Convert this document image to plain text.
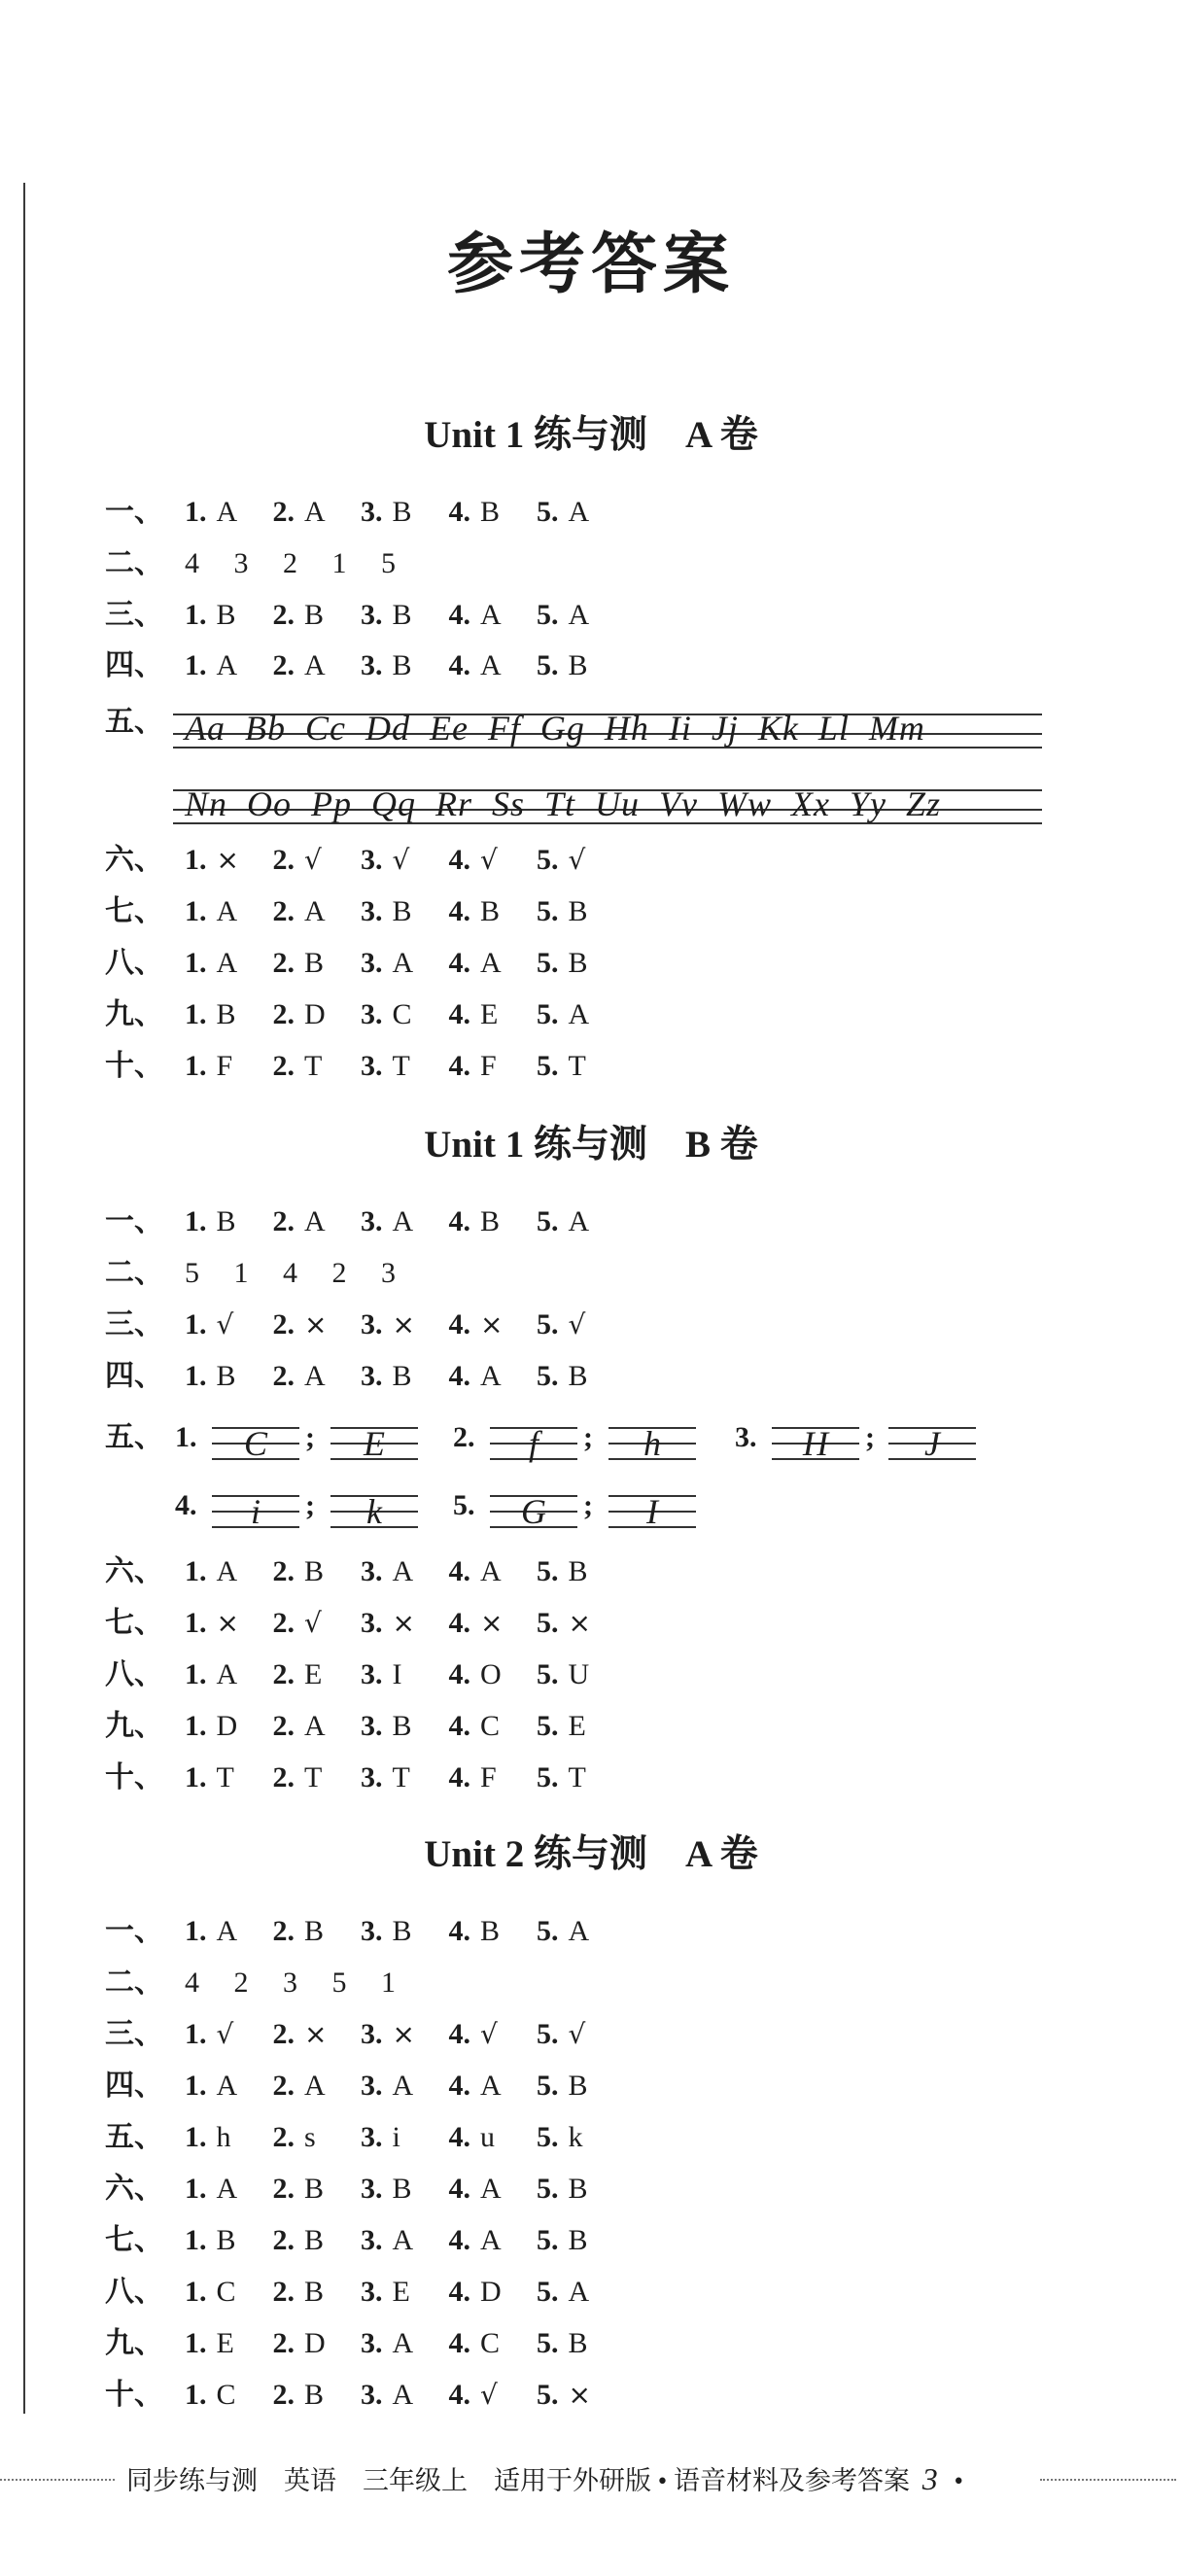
参考答案
Unit 1 练与测　A 卷
一、 1. A 2. A 3. B 4. B 5. A
二、 4 3 2 1 5
三、 1. B 2. B 3. B 4. A 5. A
四、 1. A 2. A 3. B 4. A 5. B
五、 Aa Bb Cc Dd Ee Ff Gg Hh Ii Jj Kk Ll Mm
Nn Oo Pp Qq Rr Ss Tt Uu Vv Ww Xx Yy Zz
六、 1. × 2. √ 3. √ 4. √ 5. √
七、 1. A 2. A 3. B 4. B 5. B
八、 1. A 2. B 3. A 4. A 5. B
九、 1. B 2. D 3. C 4. E 5. A
十、 1. F 2. T 3. T 4. F 5. T
Unit 1 练与测　B 卷
一、 1. B 2. A 3. A 4. B 5. A
二、 5 1 4 2 3
三、 1. √ 2. × 3. × 4. × 5. √
四、 1. B 2. A 3. B 4. A 5. B
五、 1.	C	;	E	2.	f	;	h	3.	H	;	J
4.	i	;	k	5.	G	;	I
六、 1. A 2. B 3. A 4. A 5. B
七、 1. × 2. √ 3. × 4. × 5. ×
八、 1. A 2. E 3. I 4. O 5. U
九、 1. D 2. A 3. B 4. C 5. E
十、 1. T 2. T 3. T 4. F 5. T
Unit 2 练与测　A 卷
一、 1. A 2. B 3. B 4. B 5. A
二、 4 2 3 5 1
三、 1. √ 2. × 3. × 4. √ 5. √
四、 1. A 2. A 3. A 4. A 5. B
五、 1. h 2. s 3. i 4. u 5. k
六、 1. A 2. B 3. B 4. A 5. B
七、 1. B 2. B 3. A 4. A 5. B
八、 1. C 2. B 3. E 4. D 5. A
九、 1. E 2. D 3. A 4. C 5. B
十、 1. C 2. B 3. A 4. √ 5. ×
同步练与测　英语　三年级上　适用于外研版 • 语音材料及参考答案 3 •
